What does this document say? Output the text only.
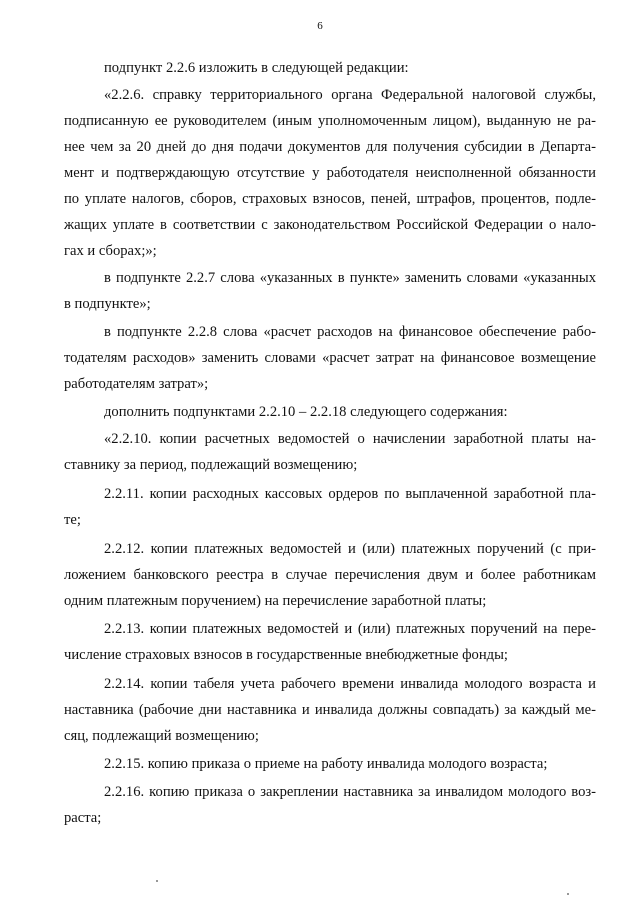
6
подпункт 2.2.6 изложить в следующей редакции:
«2.2.6. справку территориального органа Федеральной налоговой службы,
подписанную ее руководителем (иным уполномоченным лицом), выданную не ра-
нее чем за 20 дней до дня подачи документов для получения субсидии в Департа-
мент и подтверждающую отсутствие у работодателя неисполненной обязанности
по уплате налогов, сборов, страховых взносов, пеней, штрафов, процентов, подле-
жащих уплате в соответствии с законодательством Российской Федерации о нало-
гах и сборах;»;
в подпункте 2.2.7 слова «указанных в пункте» заменить словами «указанных
в подпункте»;
в подпункте 2.2.8 слова «расчет расходов на финансовое обеспечение рабо-
тодателям расходов» заменить словами «расчет затрат на финансовое возмещение
работодателям затрат»;
дополнить подпунктами 2.2.10 – 2.2.18 следующего содержания:
«2.2.10. копии расчетных ведомостей о начислении заработной платы на-
ставнику за период, подлежащий возмещению;
2.2.11. копии расходных кассовых ордеров по выплаченной заработной пла-
те;
2.2.12. копии платежных ведомостей и (или) платежных поручений (с при-
ложением банковского реестра в случае перечисления двум и более работникам
одним платежным поручением) на перечисление заработной платы;
2.2.13. копии платежных ведомостей и (или) платежных поручений на пере-
числение страховых взносов в государственные внебюджетные фонды;
2.2.14. копии табеля учета рабочего времени инвалида молодого возраста и
наставника (рабочие дни наставника и инвалида должны совпадать) за каждый ме-
сяц, подлежащий возмещению;
2.2.15. копию приказа о приеме на работу инвалида молодого возраста;
2.2.16. копию приказа о закреплении наставника за инвалидом молодого воз-
раста;
